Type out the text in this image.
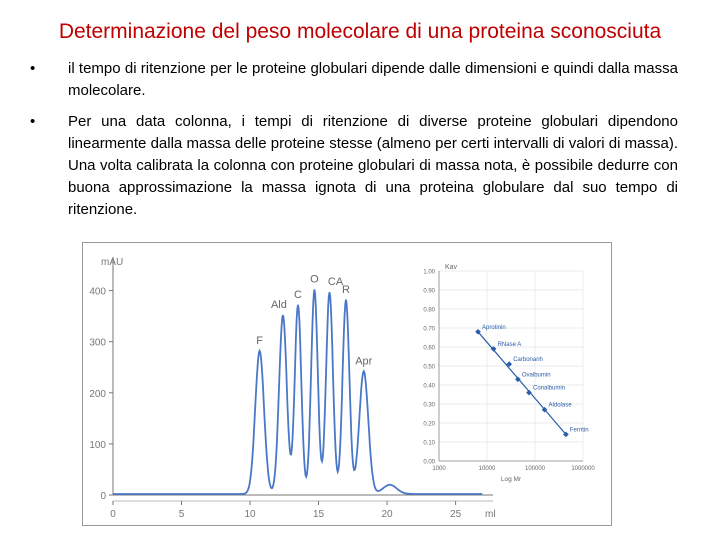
Determinazione del peso molecolare di una proteina sconosciuta
• il tempo di ritenzione per le proteine globulari dipende dalle dimensioni e quindi dalla massa molecolare.
• Per una data colonna, i tempi di ritenzione di diverse proteine globulari dipendono linearmente dalla massa delle proteine stesse (almeno per certi intervalli di valori di massa). Una volta calibrata la colonna con proteine globulari di massa nota, è possibile dedurre con buona approssimazione la massa ignota di una proteina globulare dal suo tempo di ritenzione.
0
100
200
300
400
0	5	10	15	20	25
mAU
ml
F
Ald
C
O CA
R
Apr
0.00
0.10
0.20
0.30
0.40
0.50
0.60
0.70
0.80
0.90
1.00
1000	10000	100000	1000000
Kav
Log Mr
Aprotinin
RNase A
Carbonanh
Ovalbumin
Conalbumin
Aldolase
Ferritin
